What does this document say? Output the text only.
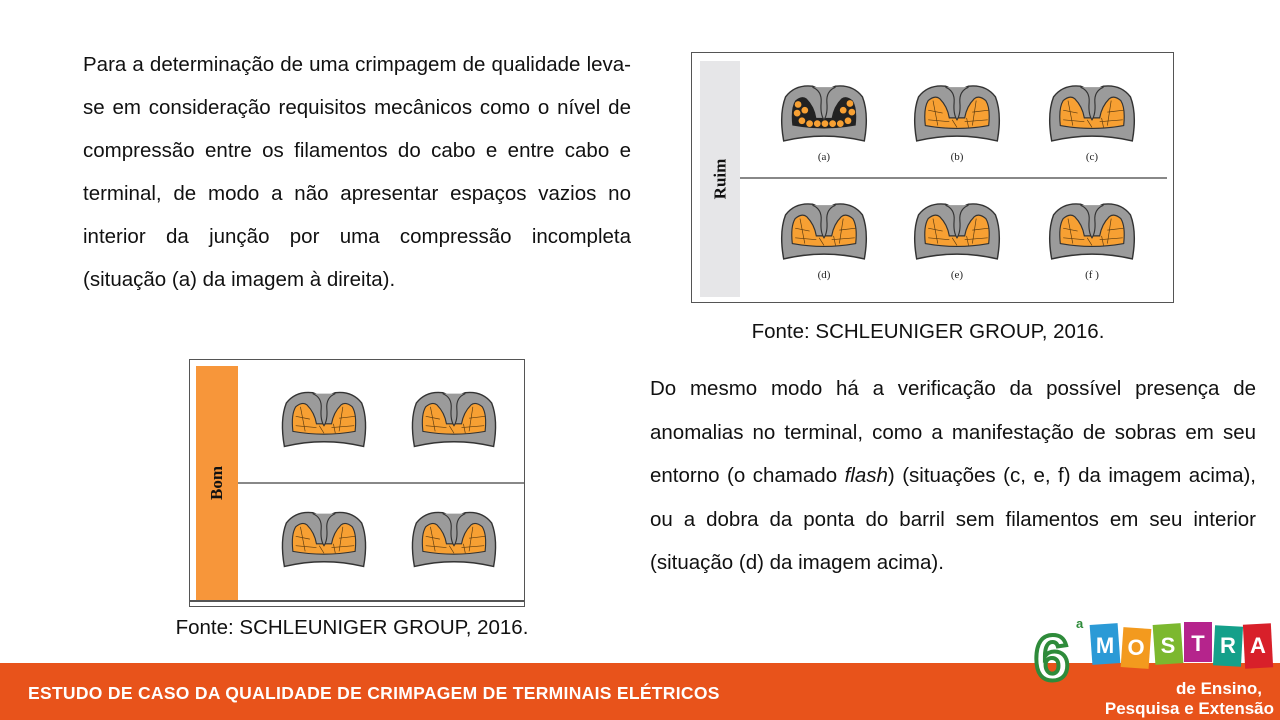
Para a determinação de uma crimpagem de qualidade leva-se em consideração requisitos mecânicos como o nível de compressão entre os filamentos do cabo e entre cabo e terminal, de modo a não apresentar espaços vazios no interior da junção por uma compressão incompleta (situação (a) da imagem à direita).
Ruim
(a)	(b)	(c)
(d)	(e)	(f )
Fonte: SCHLEUNIGER GROUP, 2016.
Bom
Fonte: SCHLEUNIGER GROUP, 2016.
Do mesmo modo há a verificação da possível presença de anomalias no terminal, como a manifestação de sobras em seu entorno (o chamado flash) (situações (c, e, f) da imagem acima), ou a dobra da ponta do barril sem filamentos em seu interior (situação (d) da imagem acima).
ESTUDO DE CASO DA QUALIDADE DE CRIMPAGEM DE TERMINAIS ELÉTRICOS	6 a
M O S T R A
de Ensino,
Pesquisa e Extensão
